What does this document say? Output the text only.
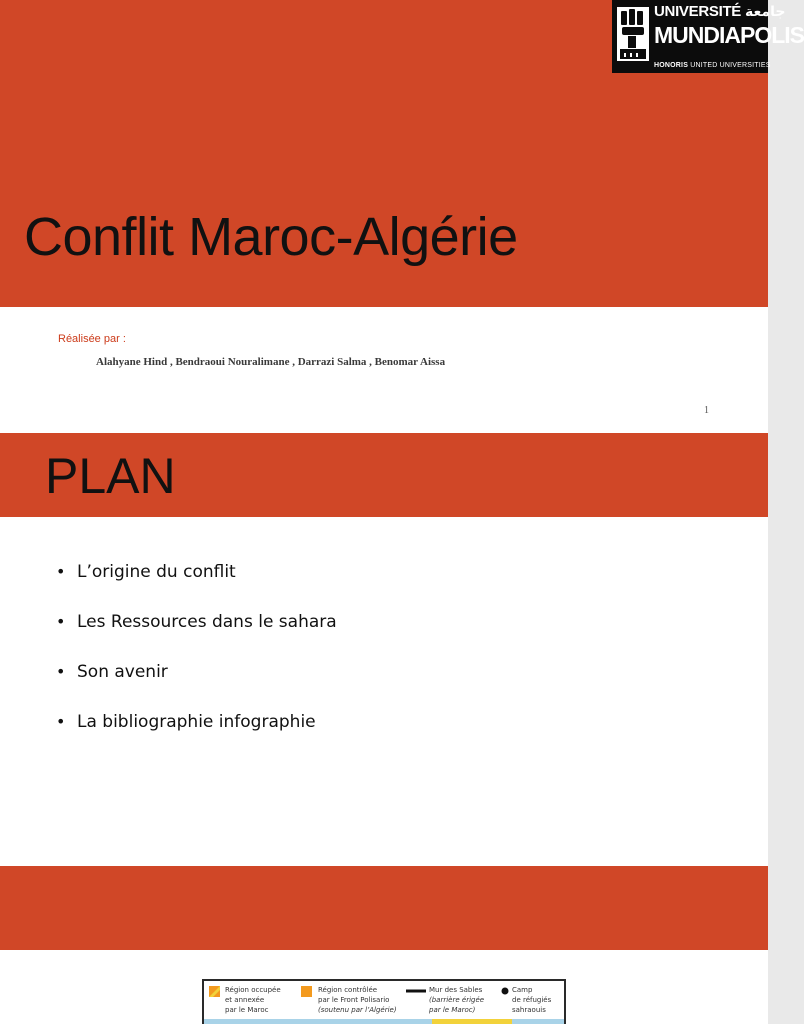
UNIVERSITÉ جامعة
MUNDIAPOLIS
HONORIS UNITED UNIVERSITIES
Conflit Maroc-Algérie
Réalisée par :
Alahyane Hind , Bendraoui Nouralimane , Darrazi Salma , Benomar Aissa
1
PLAN
• L’origine du conflit
• Les Ressources dans le sahara
• Son avenir
• La bibliographie infographie
Région occupée
et annexée
par le Maroc
Région contrôlée
par le Front Polisario
(soutenu par l’Algérie)
Mur des Sables
(barrière érigée
par le Maroc)
Camp
de réfugiés
sahraouis
